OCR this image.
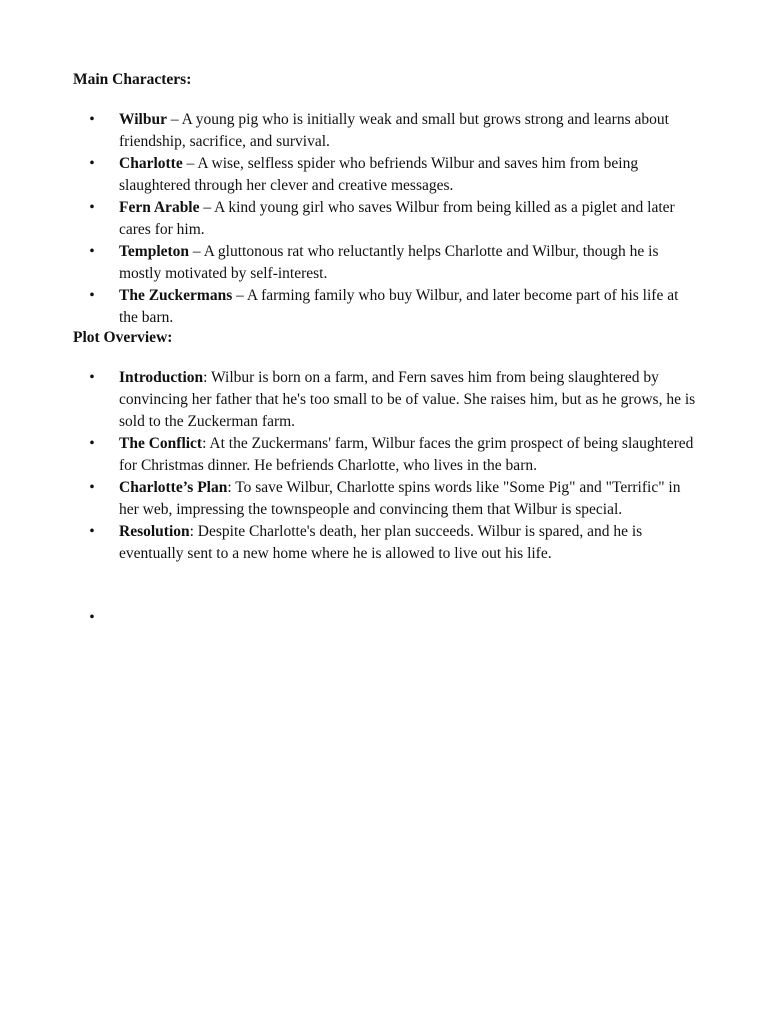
Main Characters:
• Wilbur – A young pig who is initially weak and small but grows strong and learns about friendship, sacrifice, and survival.
• Charlotte – A wise, selfless spider who befriends Wilbur and saves him from being slaughtered through her clever and creative messages.
• Fern Arable – A kind young girl who saves Wilbur from being killed as a piglet and later cares for him.
• Templeton – A gluttonous rat who reluctantly helps Charlotte and Wilbur, though he is mostly motivated by self-interest.
• The Zuckermans – A farming family who buy Wilbur, and later become part of his life at the barn.
Plot Overview:
• Introduction: Wilbur is born on a farm, and Fern saves him from being slaughtered by convincing her father that he's too small to be of value. She raises him, but as he grows, he is sold to the Zuckerman farm.
• The Conflict: At the Zuckermans' farm, Wilbur faces the grim prospect of being slaughtered for Christmas dinner. He befriends Charlotte, who lives in the barn.
• Charlotte’s Plan: To save Wilbur, Charlotte spins words like "Some Pig" and "Terrific" in her web, impressing the townspeople and convincing them that Wilbur is special.
• Resolution: Despite Charlotte's death, her plan succeeds. Wilbur is spared, and he is eventually sent to a new home where he is allowed to live out his life.
•
